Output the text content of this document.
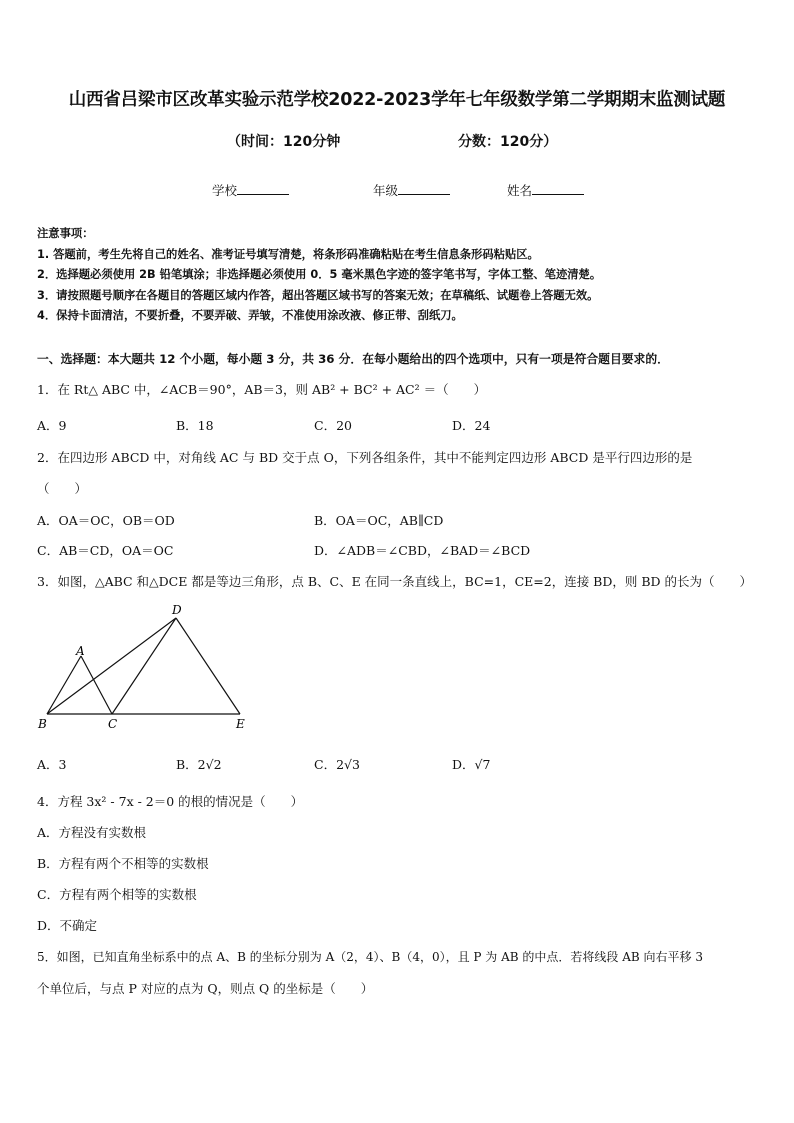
山西省吕梁市区改革实验示范学校2022-2023学年七年级数学第二学期期末监测试题
（时间：120分钟	分数：120分）
学校	年级	姓名
注意事项：
1. 答题前，考生先将自己的姓名、准考证号填写清楚，将条形码准确粘贴在考生信息条形码粘贴区。
2．选择题必须使用 2B 铅笔填涂；非选择题必须使用 0．5 毫米黑色字迹的签字笔书写，字体工整、笔迹清楚。
3．请按照题号顺序在各题目的答题区域内作答，超出答题区域书写的答案无效；在草稿纸、试题卷上答题无效。
4．保持卡面清洁，不要折叠，不要弄破、弄皱，不准使用涂改液、修正带、刮纸刀。
一、选择题：本大题共 12 个小题，每小题 3 分，共 36 分．在每小题给出的四个选项中，只有一项是符合题目要求的．
1．在 Rt△ ABC 中，∠ACB＝90°，AB＝3，则 AB² + BC² + AC² ＝（　　）
A．9	B．18	C．20	D．24
2．在四边形 ABCD 中，对角线 AC 与 BD 交于点 O，下列各组条件，其中不能判定四边形 ABCD 是平行四边形的是
（　　）
A．OA＝OC，OB＝OD	B．OA＝OC，AB∥CD
C．AB＝CD，OA＝OC	D．∠ADB＝∠CBD，∠BAD＝∠BCD
3．如图，△ABC 和△DCE 都是等边三角形，点 B、C、E 在同一条直线上，BC=1，CE=2，连接 BD，则 BD 的长为（　　）
A
B	C
D
E
A．3	B．2√2	C．2√3	D．√7
4．方程 3x² - 7x - 2＝0 的根的情况是（　　）
A．方程没有实数根
B．方程有两个不相等的实数根
C．方程有两个相等的实数根
D．不确定
5．如图，已知直角坐标系中的点 A、B 的坐标分别为 A（2，4）、B（4，0），且 P 为 AB 的中点．若将线段 AB 向右平移 3
个单位后，与点 P 对应的点为 Q，则点 Q 的坐标是（　　）
